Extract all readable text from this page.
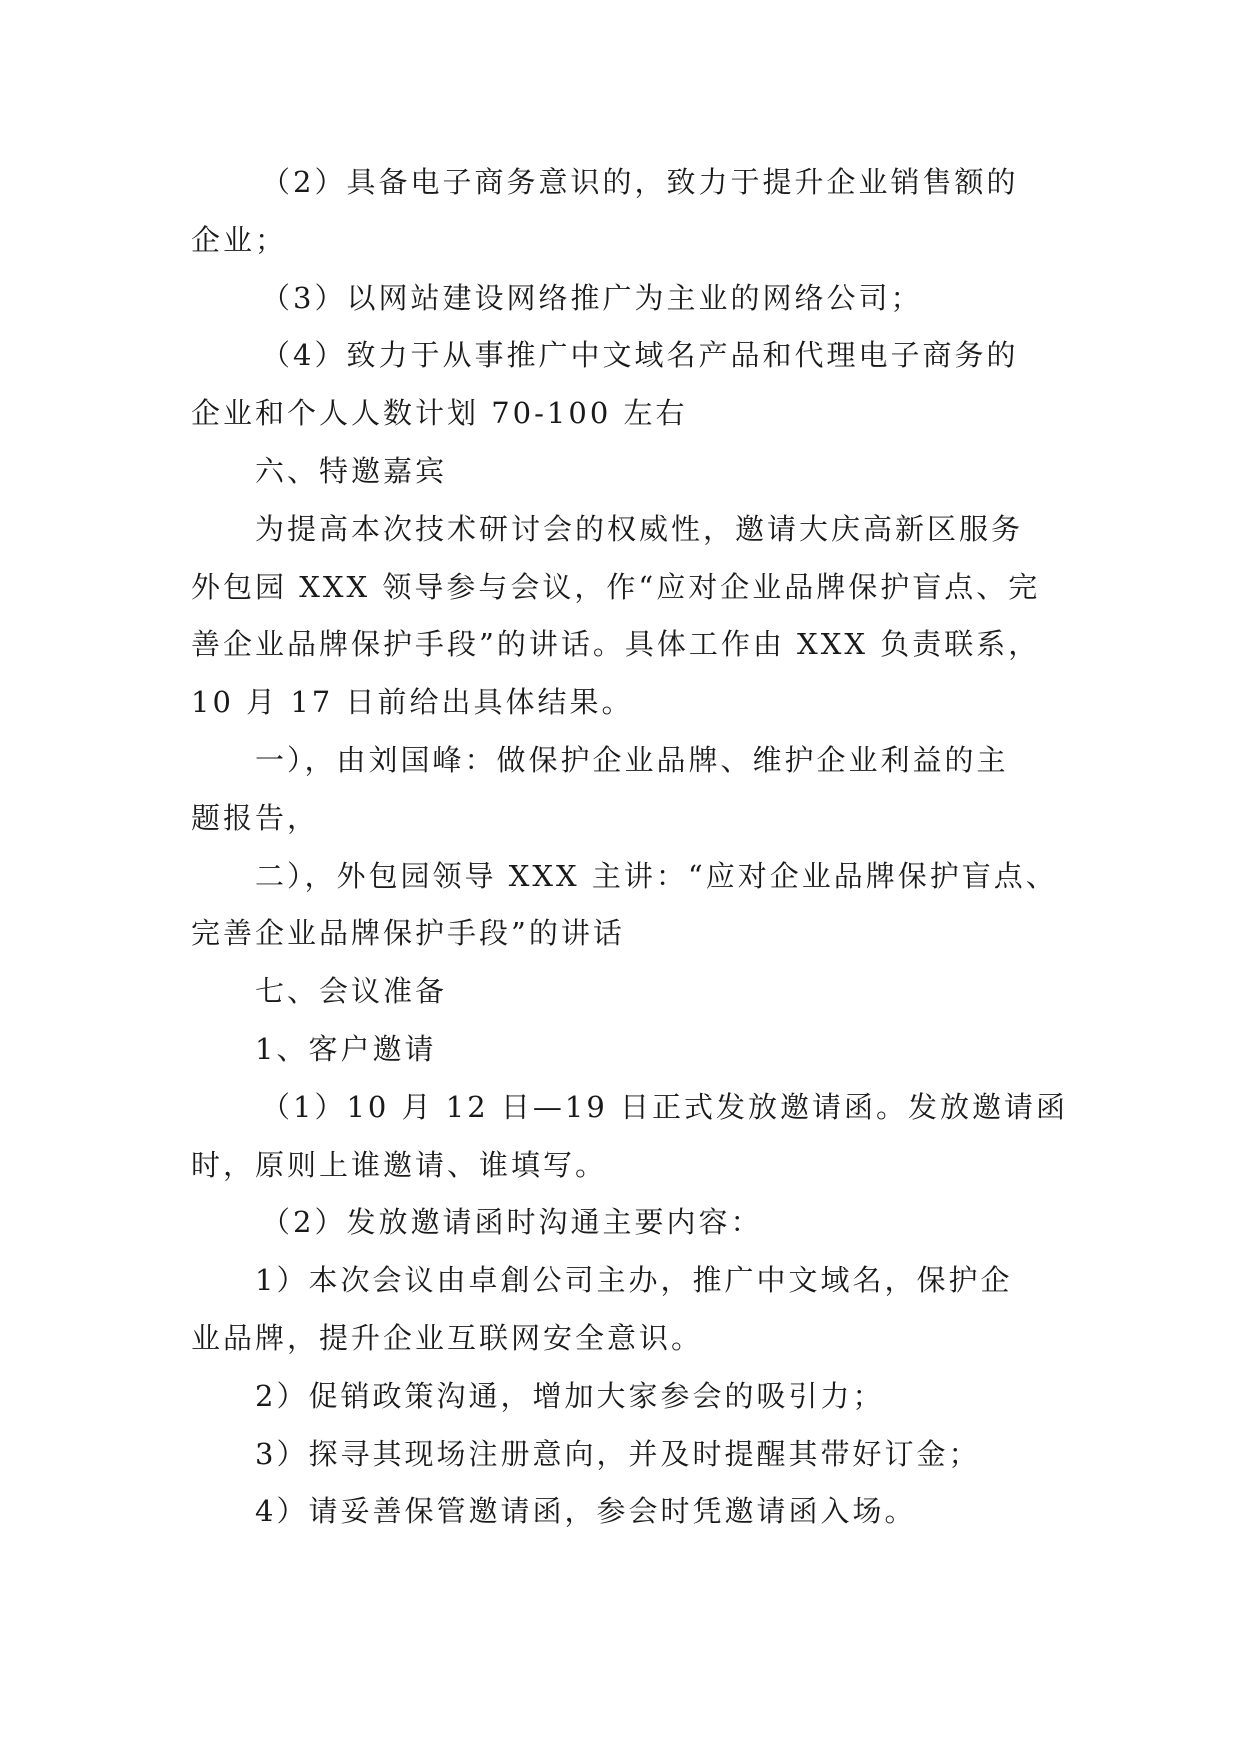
（2）具备电子商务意识的，致力于提升企业销售额的
企业；
（3）以网站建设网络推广为主业的网络公司；
（4）致力于从事推广中文域名产品和代理电子商务的
企业和个人人数计划 70-100 左右
六、特邀嘉宾
为提高本次技术研讨会的权威性，邀请大庆高新区服务
外包园 XXX 领导参与会议，作“应对企业品牌保护盲点、完
善企业品牌保护手段”的讲话。具体工作由 XXX 负责联系，
10 月 17 日前给出具体结果。
一），由刘国峰：做保护企业品牌、维护企业利益的主
题报告，
二），外包园领导 XXX 主讲：“应对企业品牌保护盲点、
完善企业品牌保护手段”的讲话
七、会议准备
1、客户邀请
（1）10 月 12 日—19 日正式发放邀请函。发放邀请函
时，原则上谁邀请、谁填写。
（2）发放邀请函时沟通主要内容：
1）本次会议由卓創公司主办，推广中文域名，保护企
业品牌，提升企业互联网安全意识。
2）促销政策沟通，增加大家参会的吸引力；
3）探寻其现场注册意向，并及时提醒其带好订金；
4）请妥善保管邀请函，参会时凭邀请函入场。
